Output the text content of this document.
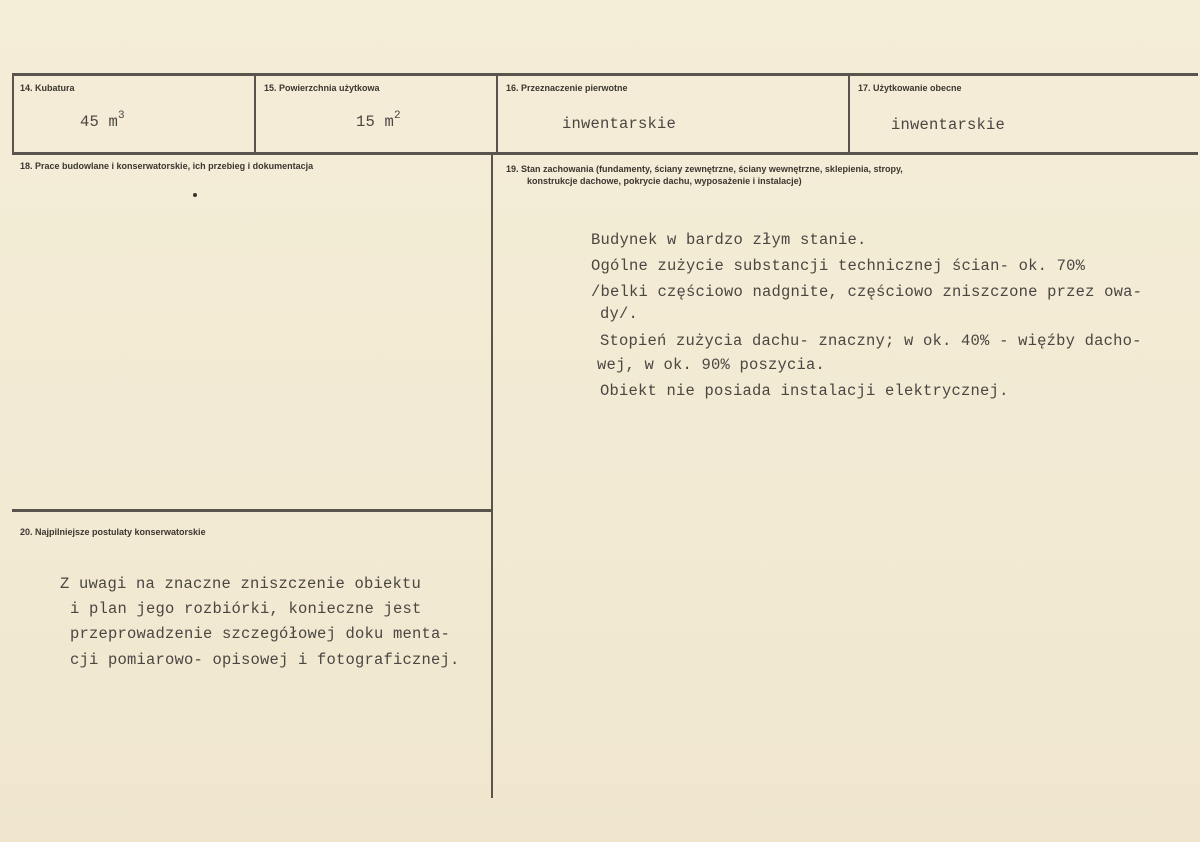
14. Kubatura
45 $m^3$
15. Powierzchnia użytkowa
15 $m^2$
16. Przeznaczenie pierwotne
inwentarskie
17. Użytkowanie obecne
inwentarskie
18. Prace budowlane i konserwatorskie, ich przebieg i dokumentacja	19. Stan zachowania (fundamenty, ściany zewnętrzne, ściany wewnętrzne, sklepienia, stropy,
konstrukcje dachowe, pokrycie dachu, wyposażenie i instalacje)
Budynek w bardzo złym stanie.
Ogólne zużycie substancji technicznej ścian- ok. 70%
/belki częściowo nadgnite, częściowo zniszczone przez owa-
dy/.
Stopień zużycia dachu- znaczny; w ok. 40% - więźby dacho-
wej, w ok. 90% poszycia.
Obiekt nie posiada instalacji elektrycznej.
20. Najpilniejsze postulaty konserwatorskie
Z uwagi na znaczne zniszczenie obiektu
i plan jego rozbiórki, konieczne jest
przeprowadzenie szczegółowej doku menta-
cji pomiarowo- opisowej i fotograficznej.
